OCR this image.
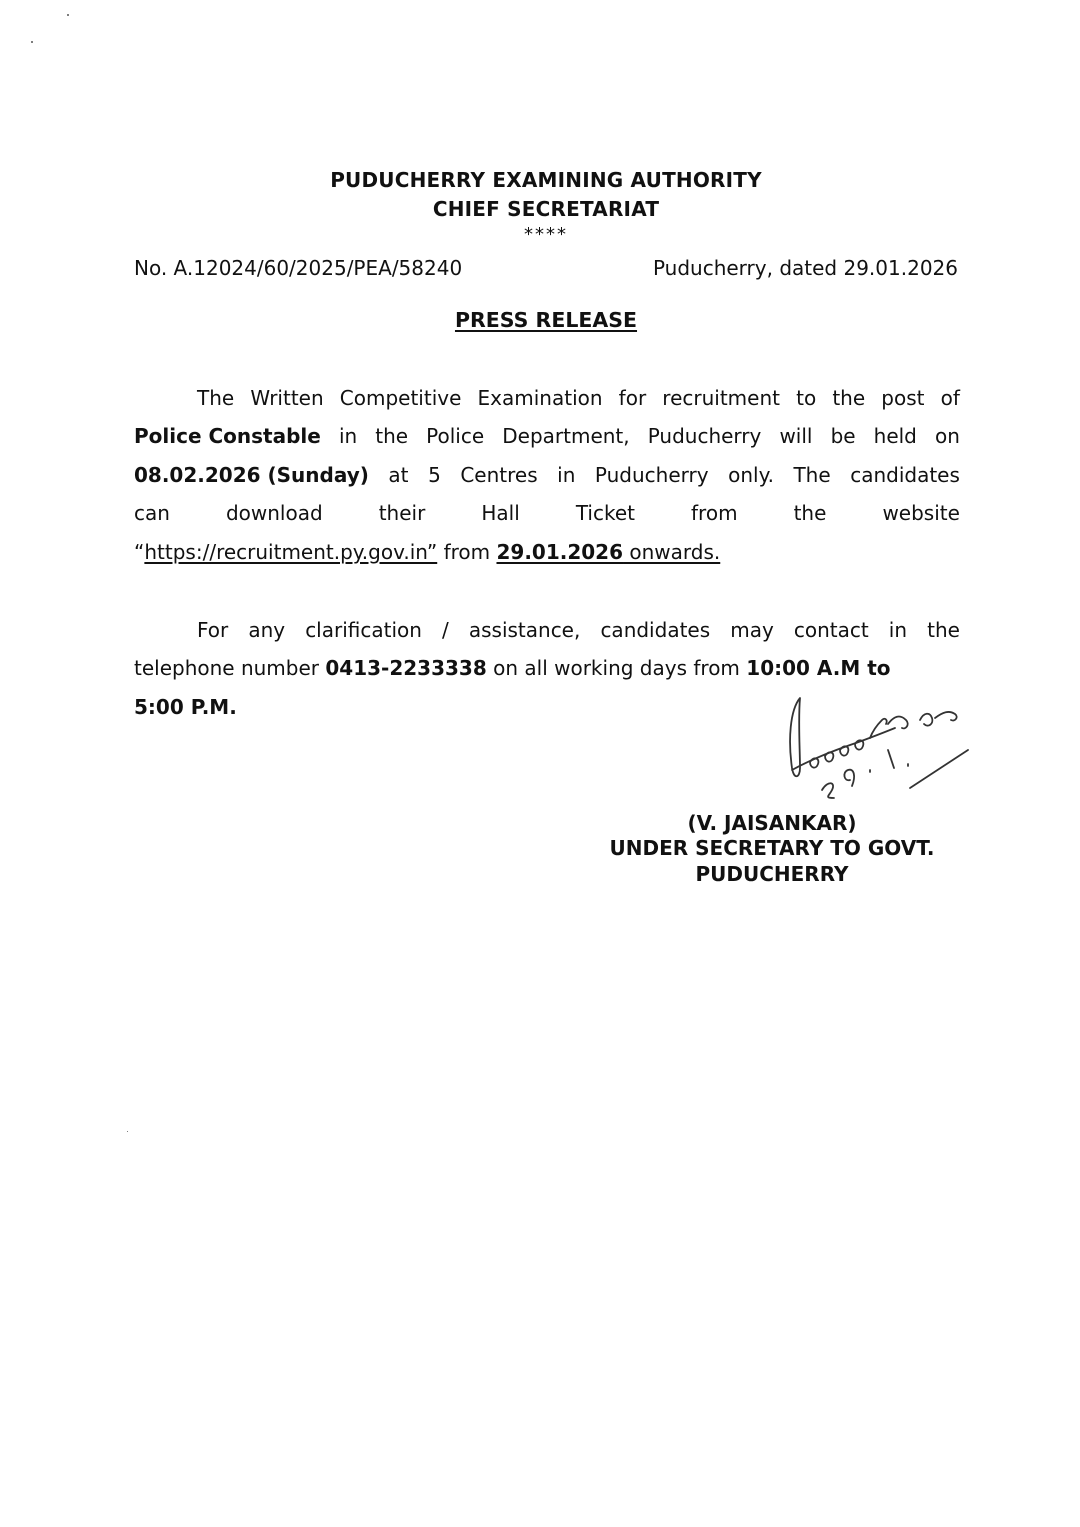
PUDUCHERRY EXAMINING AUTHORITY
CHIEF SECRETARIAT
****
No. A.12024/60/2025/PEA/58240	Puducherry, dated 29.01.2026
PRESS RELEASE
The Written Competitive Examination for recruitment to the post of
Police Constable in the Police Department, Puducherry will be held on
08.02.2026 (Sunday) at 5 Centres in Puducherry only. The candidates
can	download	their	Hall	Ticket	from	the	website
“https://recruitment.py.gov.in” from 29.01.2026 onwards.
For any clarification / assistance, candidates may contact in the
telephone number 0413-2233338 on all working days from 10:00 A.M to
5:00 P.M.
(V. JAISANKAR)
UNDER SECRETARY TO GOVT.
PUDUCHERRY
